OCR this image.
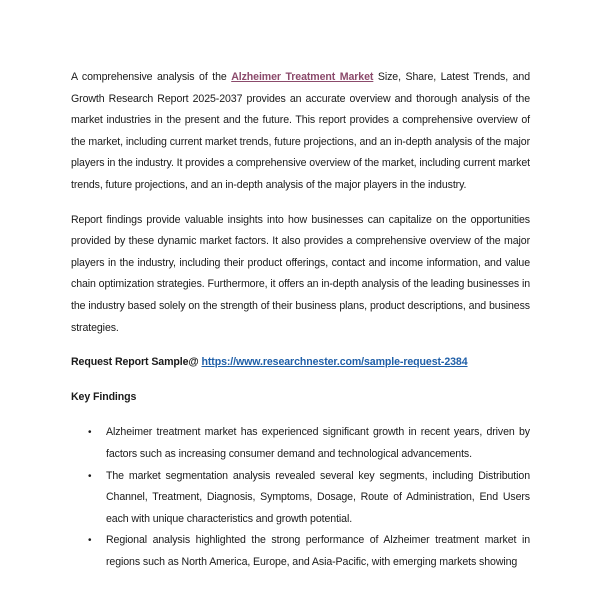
A comprehensive analysis of the Alzheimer Treatment Market Size, Share, Latest Trends, and Growth Research Report 2025-2037 provides an accurate overview and thorough analysis of the market industries in the present and the future. This report provides a comprehensive overview of the market, including current market trends, future projections, and an in-depth analysis of the major players in the industry. It provides a comprehensive overview of the market, including current market trends, future projections, and an in-depth analysis of the major players in the industry.

Report findings provide valuable insights into how businesses can capitalize on the opportunities provided by these dynamic market factors. It also provides a comprehensive overview of the major players in the industry, including their product offerings, contact and income information, and value chain optimization strategies. Furthermore, it offers an in-depth analysis of the leading businesses in the industry based solely on the strength of their business plans, product descriptions, and business strategies.

Request Report Sample@ https://www.researchnester.com/sample-request-2384

Key Findings

• Alzheimer treatment market has experienced significant growth in recent years, driven by factors such as increasing consumer demand and technological advancements.
• The market segmentation analysis revealed several key segments, including Distribution Channel, Treatment, Diagnosis, Symptoms, Dosage, Route of Administration, End Users each with unique characteristics and growth potential.
• Regional analysis highlighted the strong performance of Alzheimer treatment market in regions such as North America, Europe, and Asia-Pacific, with emerging markets showing
